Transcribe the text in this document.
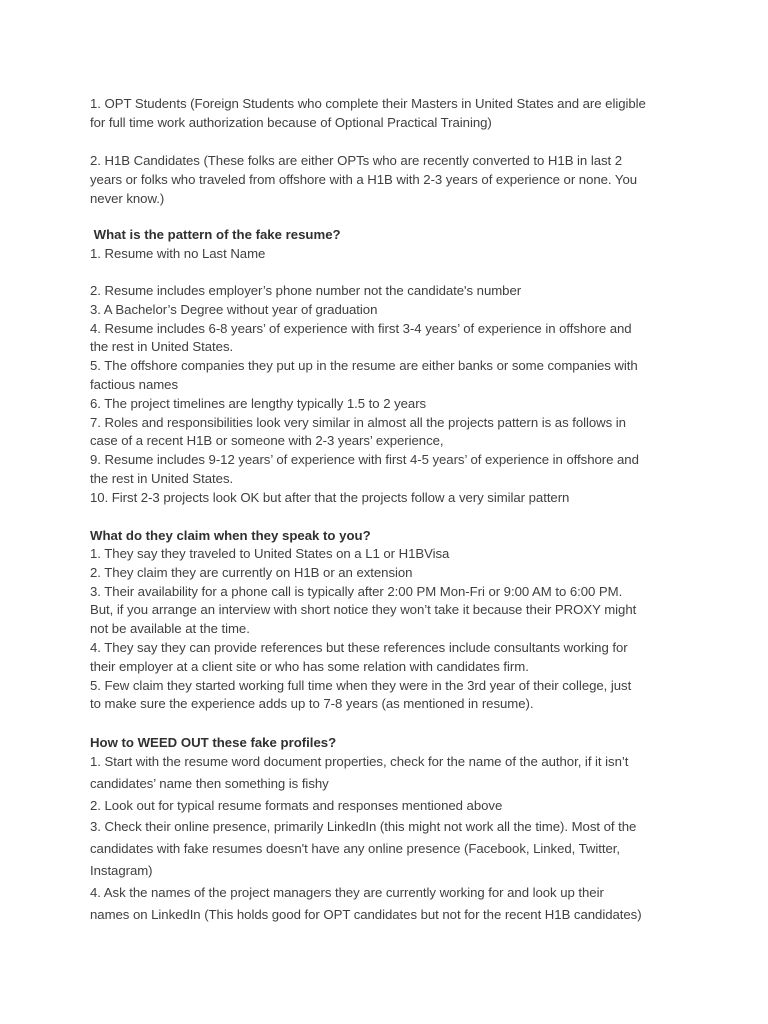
1. OPT Students (Foreign Students who complete their Masters in United States and are eligible
for full time work authorization because of Optional Practical Training)
2. H1B Candidates (These folks are either OPTs who are recently converted to H1B in last 2
years or folks who traveled from offshore with a H1B with 2-3 years of experience or none. You
never know.)
What is the pattern of the fake resume?
1. Resume with no Last Name
2. Resume includes employer’s phone number not the candidate's number
3. A Bachelor’s Degree without year of graduation
4. Resume includes 6-8 years’ of experience with first 3-4 years’ of experience in offshore and
the rest in United States.
5. The offshore companies they put up in the resume are either banks or some companies with
factious names
6. The project timelines are lengthy typically 1.5 to 2 years
7. Roles and responsibilities look very similar in almost all the projects pattern is as follows in
case of a recent H1B or someone with 2-3 years’ experience,
9. Resume includes 9-12 years’ of experience with first 4-5 years’ of experience in offshore and
the rest in United States.
10. First 2-3 projects look OK but after that the projects follow a very similar pattern
What do they claim when they speak to you?
1. They say they traveled to United States on a L1 or H1BVisa
2. They claim they are currently on H1B or an extension
3. Their availability for a phone call is typically after 2:00 PM Mon-Fri or 9:00 AM to 6:00 PM.
But, if you arrange an interview with short notice they won’t take it because their PROXY might
not be available at the time.
4. They say they can provide references but these references include consultants working for
their employer at a client site or who has some relation with candidates firm.
5. Few claim they started working full time when they were in the 3rd year of their college, just
to make sure the experience adds up to 7-8 years (as mentioned in resume).
How to WEED OUT these fake profiles?
1. Start with the resume word document properties, check for the name of the author, if it isn’t
candidates’ name then something is fishy
2. Look out for typical resume formats and responses mentioned above
3. Check their online presence, primarily LinkedIn (this might not work all the time). Most of the
candidates with fake resumes doesn't have any online presence (Facebook, Linked, Twitter,
Instagram)
4. Ask the names of the project managers they are currently working for and look up their
names on LinkedIn (This holds good for OPT candidates but not for the recent H1B candidates)
